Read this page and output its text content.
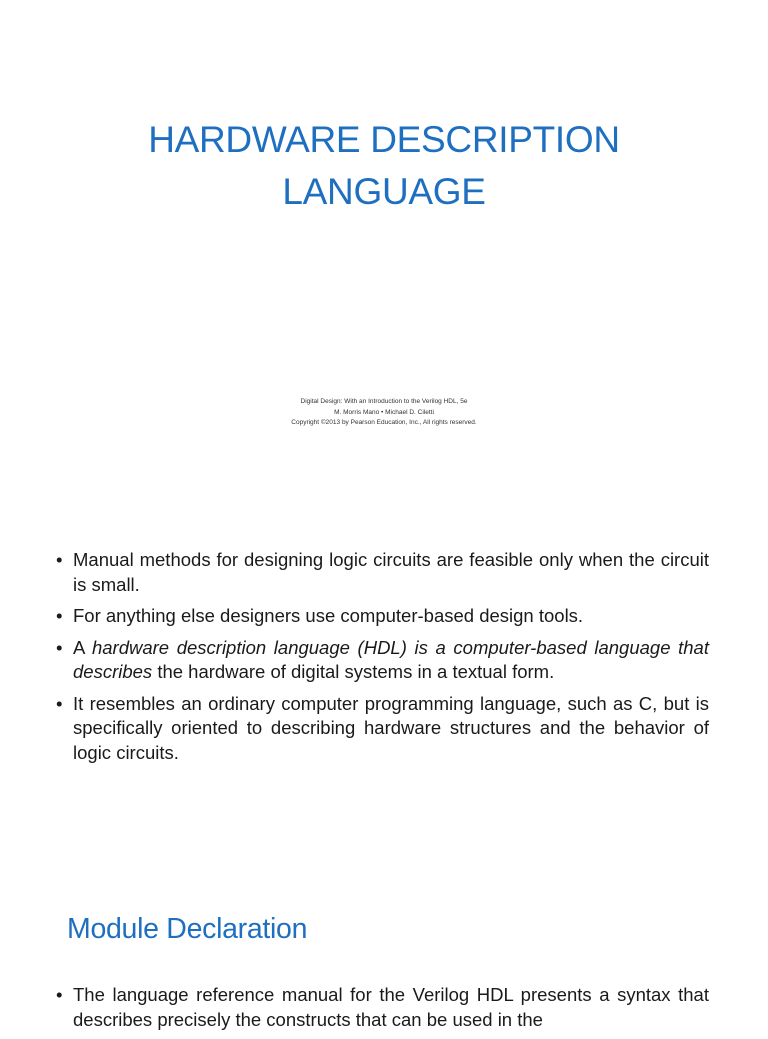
HARDWARE DESCRIPTION
LANGUAGE
Digital Design: With an Introduction to the Verilog HDL, 5e
M. Morris Mano • Michael D. Ciletti
Copyright ©2013 by Pearson Education, Inc., All rights reserved.
• Manual methods for designing logic circuits are feasible only when the circuit is small.
• For anything else designers use computer-based design tools.
• A hardware description language (HDL) is a computer-based language that describes the hardware of digital systems in a textual form.
• It resembles an ordinary computer programming language, such as C, but is specifically oriented to describing hardware structures and the behavior of logic circuits.
Module Declaration
• The language reference manual for the Verilog HDL presents a syntax that describes precisely the constructs that can be used in the
